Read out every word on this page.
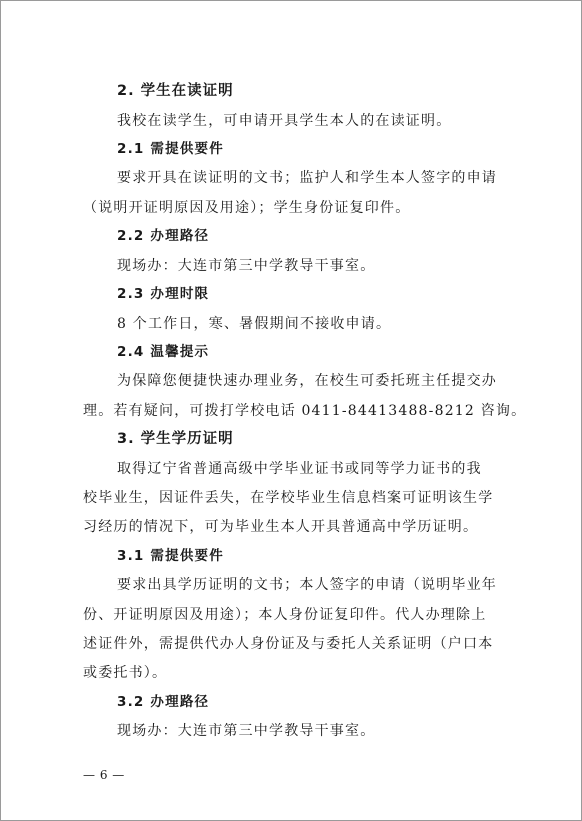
2. 学生在读证明
我校在读学生，可申请开具学生本人的在读证明。
2.1 需提供要件
要求开具在读证明的文书；监护人和学生本人签字的申请
（说明开证明原因及用途）；学生身份证复印件。
2.2 办理路径
现场办：大连市第三中学教导干事室。
2.3 办理时限
8 个工作日，寒、暑假期间不接收申请。
2.4 温馨提示
为保障您便捷快速办理业务，在校生可委托班主任提交办
理。若有疑问，可拨打学校电话 0411-84413488-8212 咨询。
3. 学生学历证明
取得辽宁省普通高级中学毕业证书或同等学力证书的我
校毕业生，因证件丢失，在学校毕业生信息档案可证明该生学
习经历的情况下，可为毕业生本人开具普通高中学历证明。
3.1 需提供要件
要求出具学历证明的文书；本人签字的申请（说明毕业年
份、开证明原因及用途）；本人身份证复印件。代人办理除上
述证件外，需提供代办人身份证及与委托人关系证明（户口本
或委托书）。
3.2 办理路径
现场办：大连市第三中学教导干事室。
— 6 —
